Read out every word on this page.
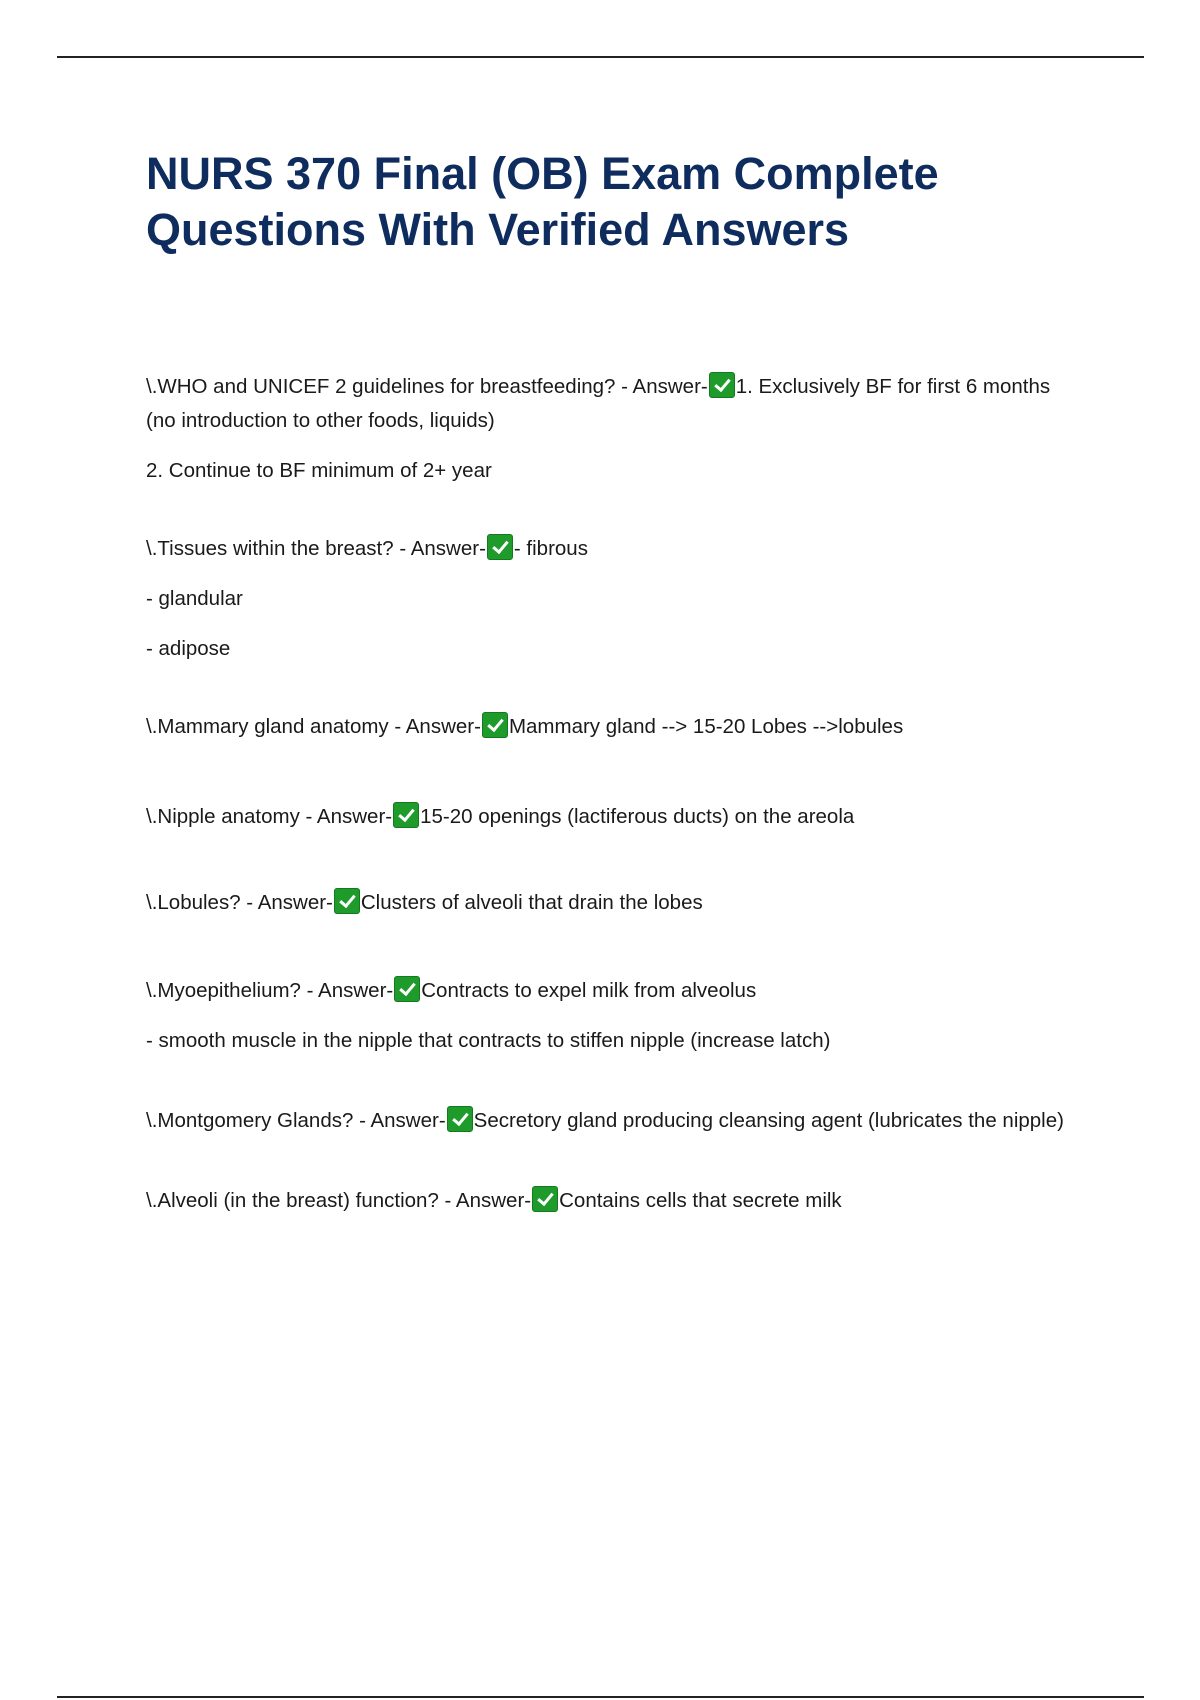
NURS 370 Final (OB) Exam Complete Questions With Verified Answers

\.WHO and UNICEF 2 guidelines for breastfeeding? - Answer- 1. Exclusively BF for first 6 months (no introduction to other foods, liquids)

2. Continue to BF minimum of 2+ year

\.Tissues within the breast? - Answer- - fibrous

- glandular

- adipose

\.Mammary gland anatomy - Answer- Mammary gland --> 15-20 Lobes -->lobules

\.Nipple anatomy - Answer- 15-20 openings (lactiferous ducts) on the areola

\.Lobules? - Answer- Clusters of alveoli that drain the lobes

\.Myoepithelium? - Answer- Contracts to expel milk from alveolus

- smooth muscle in the nipple that contracts to stiffen nipple (increase latch)

\.Montgomery Glands? - Answer- Secretory gland producing cleansing agent (lubricates the nipple)

\.Alveoli (in the breast) function? - Answer- Contains cells that secrete milk
